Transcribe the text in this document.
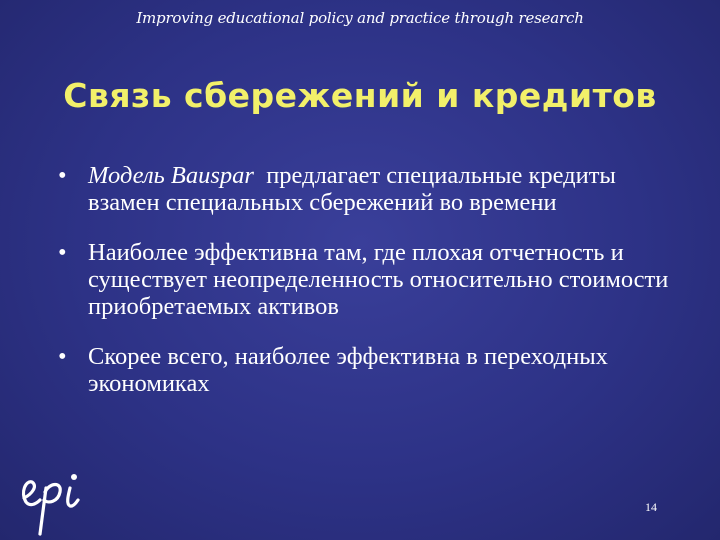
Improving educational policy and practice through research
Связь сбережений и кредитов
• Модель Bauspar  предлагает специальные кредиты взамен специальных сбережений во времени
• Наиболее эффективна там, где плохая отчетность и существует неопределенность относительно стоимости приобретаемых активов
• Скорее всего, наиболее эффективна в переходных экономиках
14
